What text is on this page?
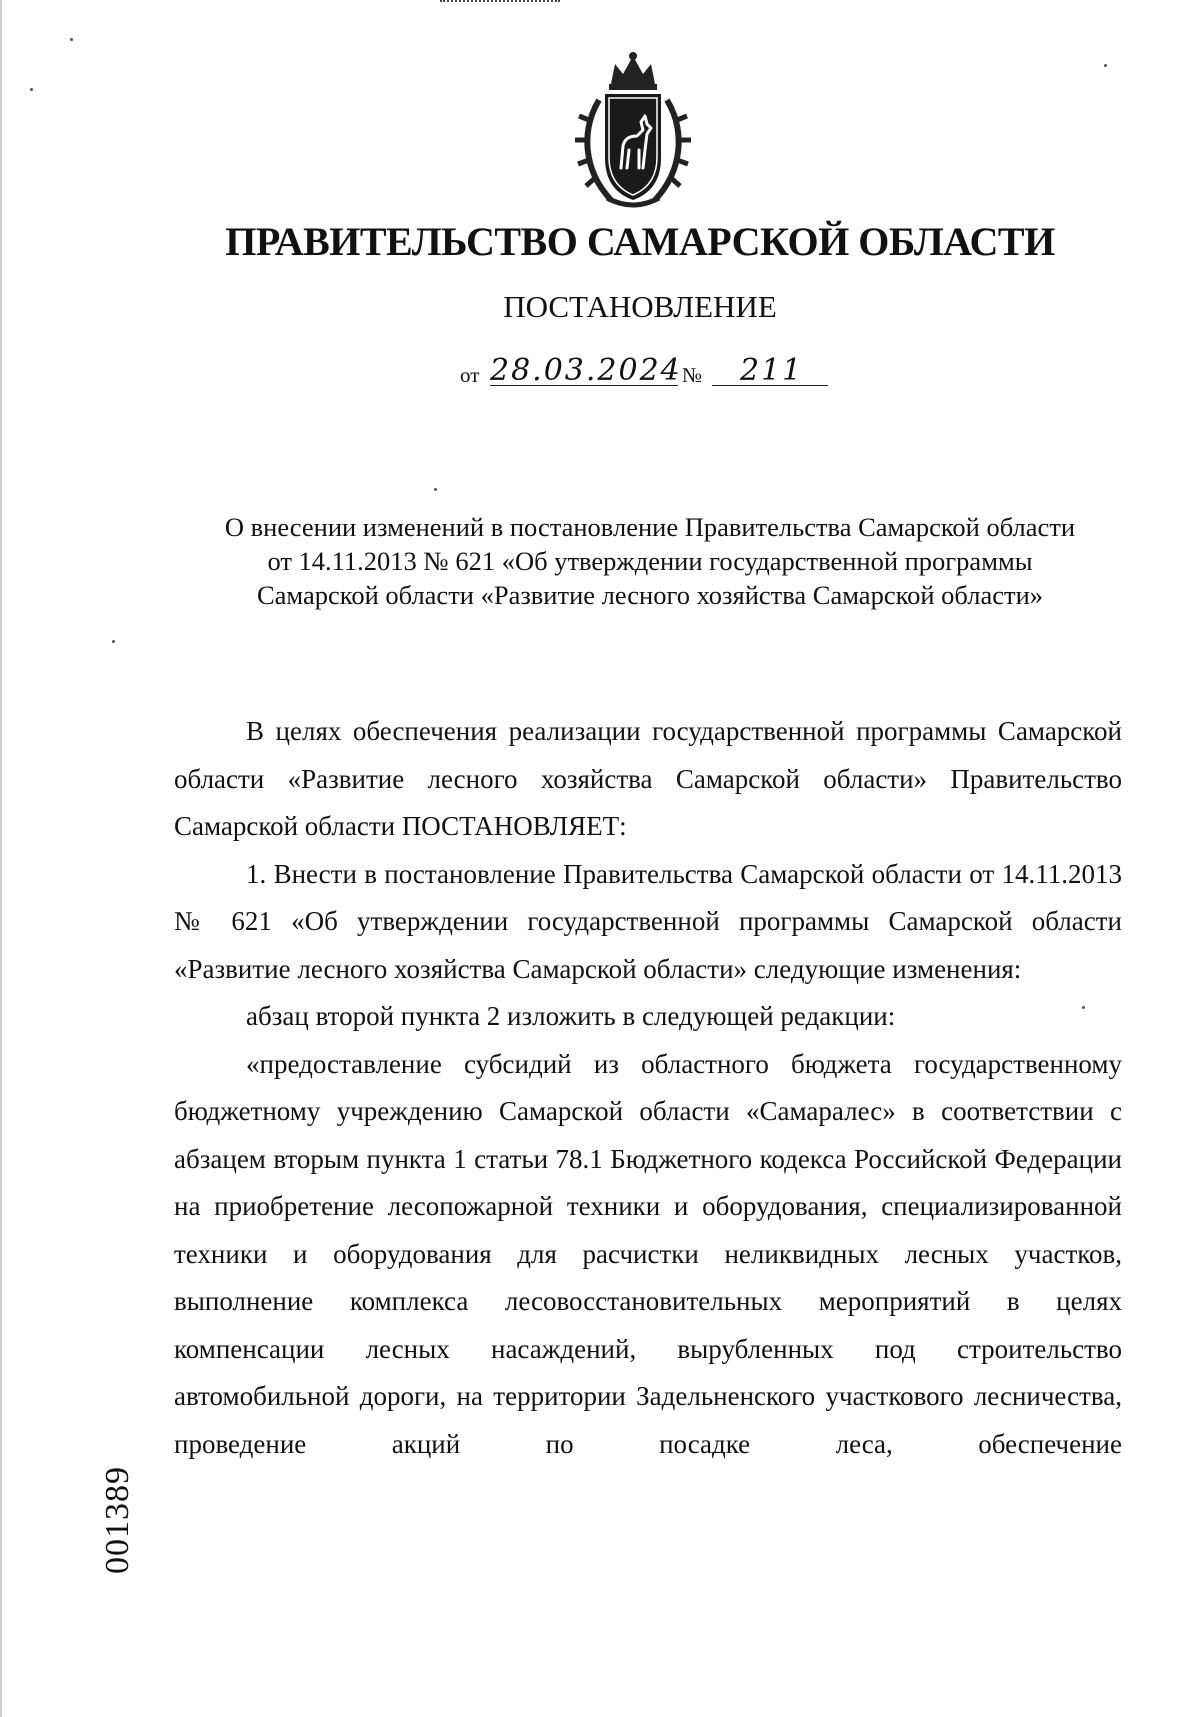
ПРАВИТЕЛЬСТВО САМАРСКОЙ ОБЛАСТИ
ПОСТАНОВЛЕНИЕ
от 28.03.2024 № 211
О внесении изменений в постановление Правительства Самарской области
от 14.11.2013 № 621 «Об утверждении государственной программы
Самарской области «Развитие лесного хозяйства Самарской области»

В целях обеспечения реализации государственной программы Самарской области «Развитие лесного хозяйства Самарской области» Правительство Самарской области ПОСТАНОВЛЯЕТ:

1. Внести в постановление Правительства Самарской области от 14.11.2013 № 621 «Об утверждении государственной программы Самарской области «Развитие лесного хозяйства Самарской области» следующие изменения:

абзац второй пункта 2 изложить в следующей редакции:

«предоставление субсидий из областного бюджета государственному бюджетному учреждению Самарской области «Самаралес» в соответствии с абзацем вторым пункта 1 статьи 78.1 Бюджетного кодекса Российской Федерации на приобретение лесопожарной техники и оборудования, специализированной техники и оборудования для расчистки неликвидных лесных участков, выполнение комплекса лесовосстановительных мероприятий в целях компенсации лесных насаждений, вырубленных под строительство автомобильной дороги, на территории Задельненского участкового лесничества, проведение акций по посадке леса, обеспечение

001389
